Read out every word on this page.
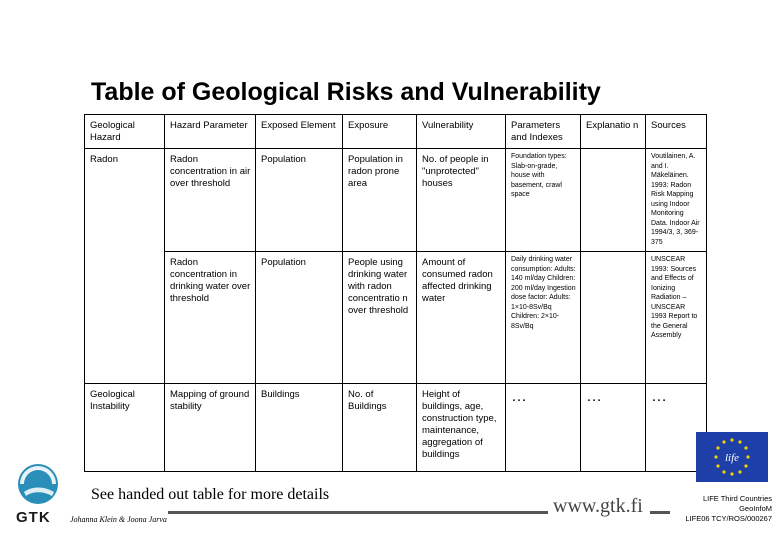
Table of Geological Risks and Vulnerability
Geological Hazard	Hazard Parameter	Exposed Element	Exposure	Vulnerability	Parameters and Indexes	Explanatio n	Sources
Radon	Radon concentration in air over threshold	Population	Population in radon prone area	No. of people in "unprotected" houses	Foundation types: Slab-on-grade, house with basement, crawl space		Voutilainen, A. and I. Mäkeläinen. 1993: Radon Risk Mapping using Indoor Monitoring Data. Indoor Air 1994/3, 3, 369-375
	Radon concentration in drinking water over threshold	Population	People using drinking water with radon concentratio n over threshold	Amount of consumed radon affected drinking water	Daily drinking water consumption: Adults: 140 ml/day Children: 200 ml/day Ingestion dose factor: Adults: 1×10-8Sv/Bq Children: 2×10-8Sv/Bq		UNSCEAR 1993: Sources and Effects of Ionizing Radiation – UNSCEAR 1993 Report to the General Assembly
Geological Instability	Mapping of ground stability	Buildings	No. of Buildings	Height of buildings, age, construction type, maintenance, aggregation of buildings	…	…	…
GTK
See handed out table for more details
Johanna Klein & Joona Jarva
www.gtk.fi
life
LIFE Third Countries
GeoInfoM
LIFE06 TCY/ROS/000267
